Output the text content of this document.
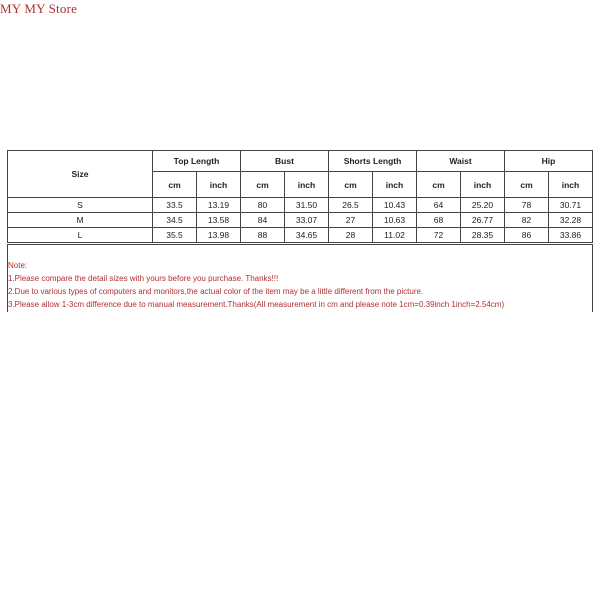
MY MY Store
Size	Top Length		Bust		Shorts Length		Waist		Hip	
	cm	inch	cm	inch	cm	inch	cm	inch	cm	inch
S	33.5	13.19	80	31.50	26.5	10.43	64	25.20	78	30.71
M	34.5	13.58	84	33.07	27	10.63	68	26.77	82	32.28
L	35.5	13.98	88	34.65	28	11.02	72	28.35	86	33.86
Note:
1.Please compare the detail sizes with yours before you purchase. Thanks!!!
2.Due to various types of computers and monitors,the actual color of the item may be a little different from the picture.
3.Please allow 1-3cm difference due to manual measurement.Thanks(All measurement in cm and please note 1cm=0.39inch 1inch=2.54cm)
